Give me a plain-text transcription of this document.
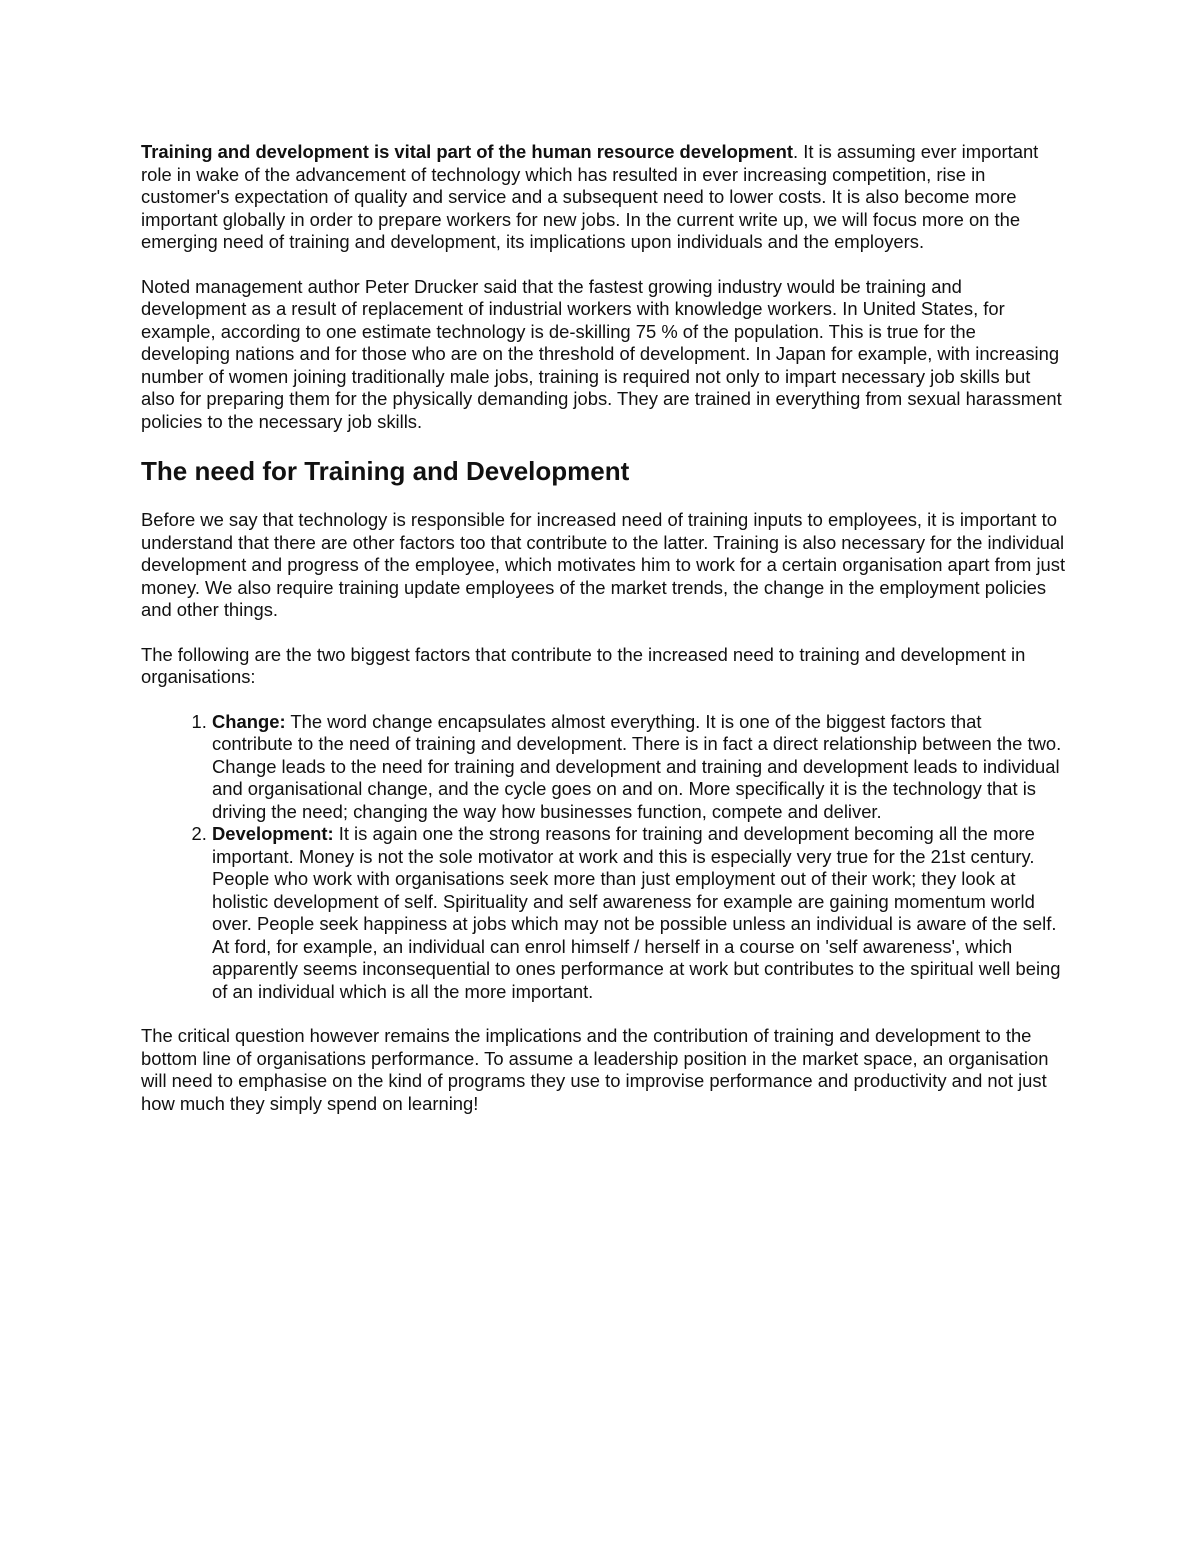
Training and development is vital part of the human resource development. It is assuming ever important role in wake of the advancement of technology which has resulted in ever increasing competition, rise in customer's expectation of quality and service and a subsequent need to lower costs. It is also become more important globally in order to prepare workers for new jobs. In the current write up, we will focus more on the emerging need of training and development, its implications upon individuals and the employers.

Noted management author Peter Drucker said that the fastest growing industry would be training and development as a result of replacement of industrial workers with knowledge workers. In United States, for example, according to one estimate technology is de-skilling 75 % of the population. This is true for the developing nations and for those who are on the threshold of development. In Japan for example, with increasing number of women joining traditionally male jobs, training is required not only to impart necessary job skills but also for preparing them for the physically demanding jobs. They are trained in everything from sexual harassment policies to the necessary job skills.

The need for Training and Development

Before we say that technology is responsible for increased need of training inputs to employees, it is important to understand that there are other factors too that contribute to the latter. Training is also necessary for the individual development and progress of the employee, which motivates him to work for a certain organisation apart from just money. We also require training update employees of the market trends, the change in the employment policies and other things.

The following are the two biggest factors that contribute to the increased need to training and development in organisations:

1. Change: The word change encapsulates almost everything. It is one of the biggest factors that contribute to the need of training and development. There is in fact a direct relationship between the two. Change leads to the need for training and development and training and development leads to individual and organisational change, and the cycle goes on and on. More specifically it is the technology that is driving the need; changing the way how businesses function, compete and deliver.
2. Development: It is again one the strong reasons for training and development becoming all the more important. Money is not the sole motivator at work and this is especially very true for the 21st century. People who work with organisations seek more than just employment out of their work; they look at holistic development of self. Spirituality and self awareness for example are gaining momentum world over. People seek happiness at jobs which may not be possible unless an individual is aware of the self. At ford, for example, an individual can enrol himself / herself in a course on 'self awareness', which apparently seems inconsequential to ones performance at work but contributes to the spiritual well being of an individual which is all the more important.

The critical question however remains the implications and the contribution of training and development to the bottom line of organisations performance. To assume a leadership position in the market space, an organisation will need to emphasise on the kind of programs they use to improvise performance and productivity and not just how much they simply spend on learning!
